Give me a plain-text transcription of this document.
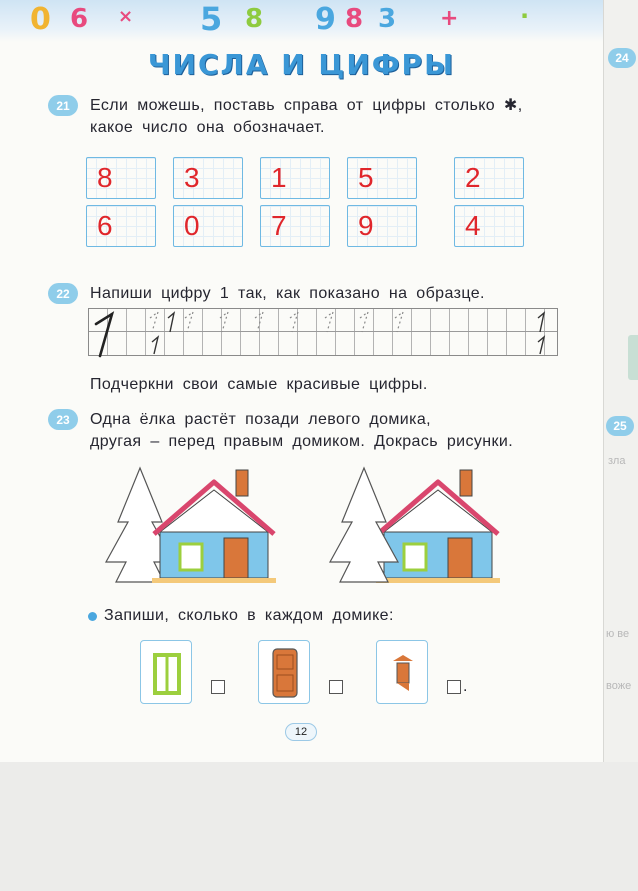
0 6 × 5 8 9 8 3 +	·
ЧИСЛА И ЦИФРЫ	24
25
зла
ю ве
воже
21	Если можешь, поставь справа от цифры столько ✱,
какое число она обозначает.
8	3	1	5	2
6	0	7	9	4
22	Напиши цифру 1 так, как показано на образце.
Подчеркни свои самые красивые цифры.
23	Одна ёлка растёт позади левого домика,
другая – перед правым домиком. Докрась рисунки.
Запиши, сколько в каждом домике:
.
12
